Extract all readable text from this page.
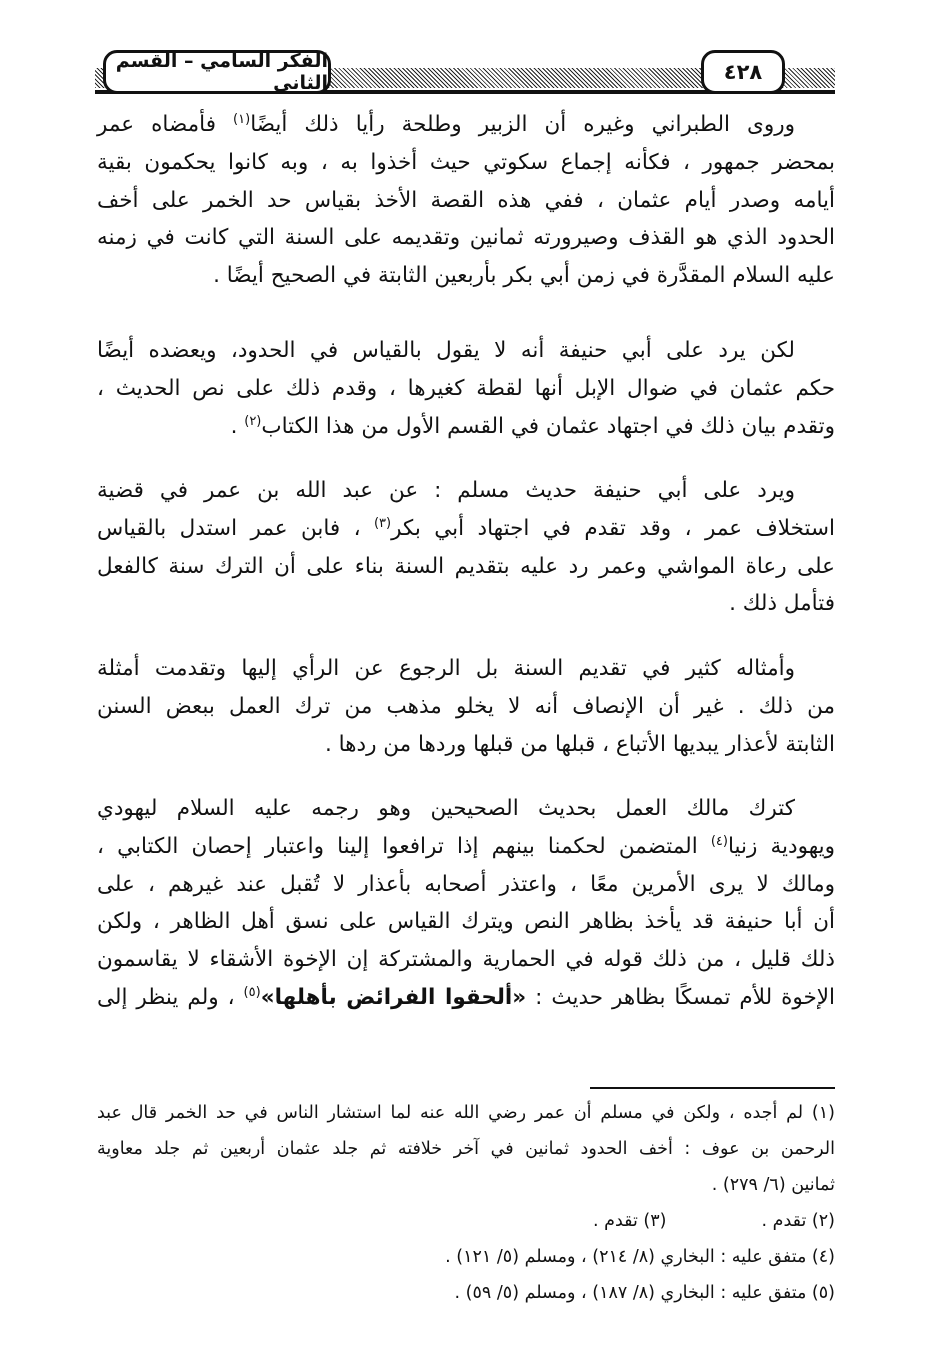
٤٢٨
الفكر السامي – القسم الثاني
وروى الطبراني وغيره أن الزبير وطلحة رأيا ذلك أيضًا$^{(١)}$ فأمضاه عمر
بمحضر جمهور ، فكأنه إجماع سكوتي حيث أخذوا به ، وبه كانوا يحكمون بقية
أيامه وصدر أيام عثمان ، ففي هذه القصة الأخذ بقياس حد الخمر على أخف
الحدود الذي هو القذف وصيرورته ثمانين وتقديمه على السنة التي كانت في زمنه
عليه السلام المقدَّرة في زمن أبي بكر بأربعين الثابتة في الصحيح أيضًا .
لكن يرد على أبي حنيفة أنه لا يقول بالقياس في الحدود، ويعضده أيضًا
حكم عثمان في ضوال الإبل أنها لقطة كغيرها ، وقدم ذلك على نص الحديث ،
وتقدم بيان ذلك في اجتهاد عثمان في القسم الأول من هذا الكتاب$^{(٢)}$ .
ويرد على أبي حنيفة حديث مسلم : عن عبد الله بن عمر في قضية
استخلاف عمر ، وقد تقدم في اجتهاد أبي بكر$^{(٣)}$ ، فابن عمر استدل بالقياس
على رعاة المواشي وعمر رد عليه بتقديم السنة بناء على أن الترك سنة كالفعل
فتأمل ذلك .
وأمثاله كثير في تقديم السنة بل الرجوع عن الرأي إليها وتقدمت أمثلة
من ذلك . غير أن الإنصاف أنه لا يخلو مذهب من ترك العمل ببعض السنن
الثابتة لأعذار يبديها الأتباع ، قبلها من قبلها وردها من ردها .
كترك مالك العمل بحديث الصحيحين وهو رجمه عليه السلام ليهودي
ويهودية زنيا$^{(٤)}$ المتضمن لحكمنا بينهم إذا ترافعوا إلينا واعتبار إحصان الكتابي ،
ومالك لا يرى الأمرين معًا ، واعتذر أصحابه بأعذار لا تُقبل عند غيرهم ، على
أن أبا حنيفة قد يأخذ بظاهر النص ويترك القياس على نسق أهل الظاهر ، ولكن
ذلك قليل ، من ذلك قوله في الحمارية والمشتركة إن الإخوة الأشقاء لا يقاسمون
الإخوة للأم تمسكًا بظاهر حديث : «ألحقوا الفرائض بأهلها»$^{(٥)}$ ، ولم ينظر إلى
(١) لم أجده ، ولكن في مسلم أن عمر رضي الله عنه لما استشار الناس في حد الخمر قال عبد
الرحمن بن عوف : أخف الحدود ثمانين في آخر خلافته ثم جلد عثمان أربعين ثم جلد معاوية
ثمانين (٦/ ٢٧٩) .
(٢) تقدم .(٣) تقدم .
(٤) متفق عليه : البخاري (٨/ ٢١٤) ، ومسلم (٥/ ١٢١) .
(٥) متفق عليه : البخاري (٨/ ١٨٧) ، ومسلم (٥/ ٥٩) .
